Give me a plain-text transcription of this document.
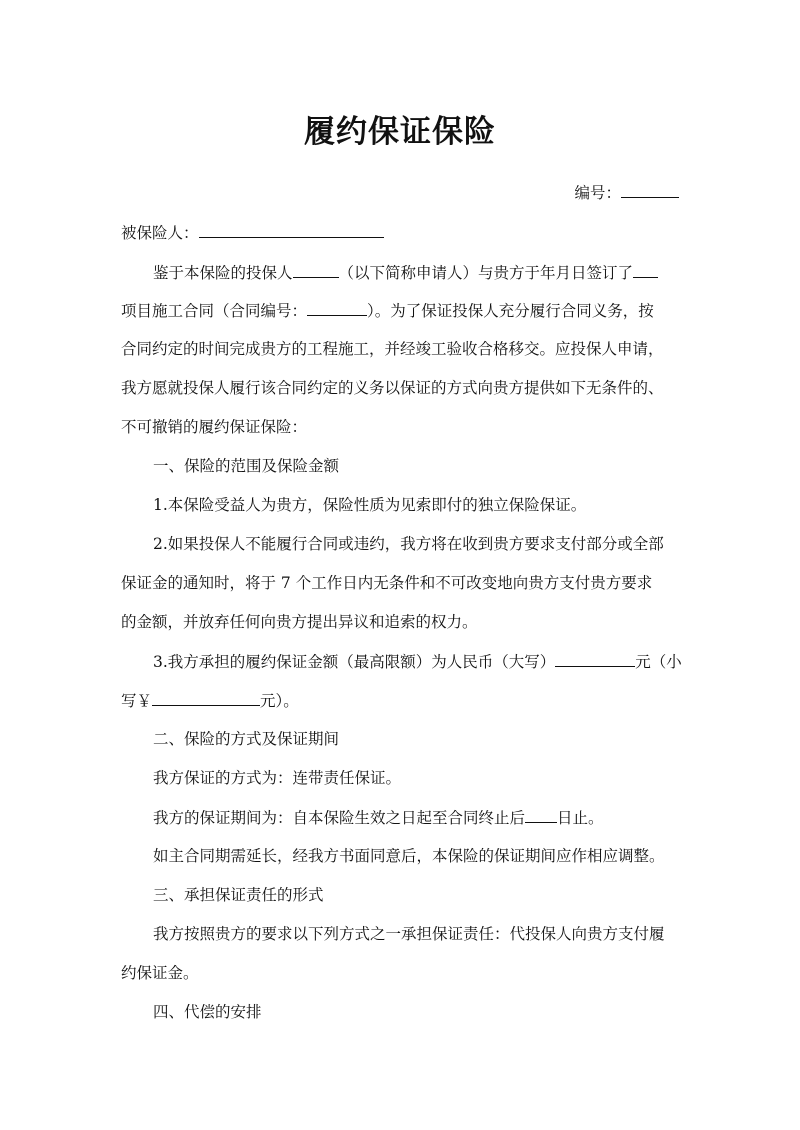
履约保证保险
编号：
被保险人：
鉴于本保险的投保人	（以下简称申请人）与贵方于年月日签订了
项目施工合同（合同编号：	）。为了保证投保人充分履行合同义务，按
合同约定的时间完成贵方的工程施工，并经竣工验收合格移交。应投保人申请，
我方愿就投保人履行该合同约定的义务以保证的方式向贵方提供如下无条件的、
不可撤销的履约保证保险：
一、保险的范围及保险金额
1.本保险受益人为贵方，保险性质为见索即付的独立保险保证。
2.如果投保人不能履行合同或违约，我方将在收到贵方要求支付部分或全部
保证金的通知时，将于 7 个工作日内无条件和不可改变地向贵方支付贵方要求
的金额，并放弃任何向贵方提出异议和追索的权力。
3.我方承担的履约保证金额（最高限额）为人民币（大写）	元（小
写￥	元）。
二、保险的方式及保证期间
我方保证的方式为：连带责任保证。
我方的保证期间为：自本保险生效之日起至合同终止后 日止。
如主合同期需延长，经我方书面同意后，本保险的保证期间应作相应调整。
三、承担保证责任的形式
我方按照贵方的要求以下列方式之一承担保证责任：代投保人向贵方支付履
约保证金。
四、代偿的安排
